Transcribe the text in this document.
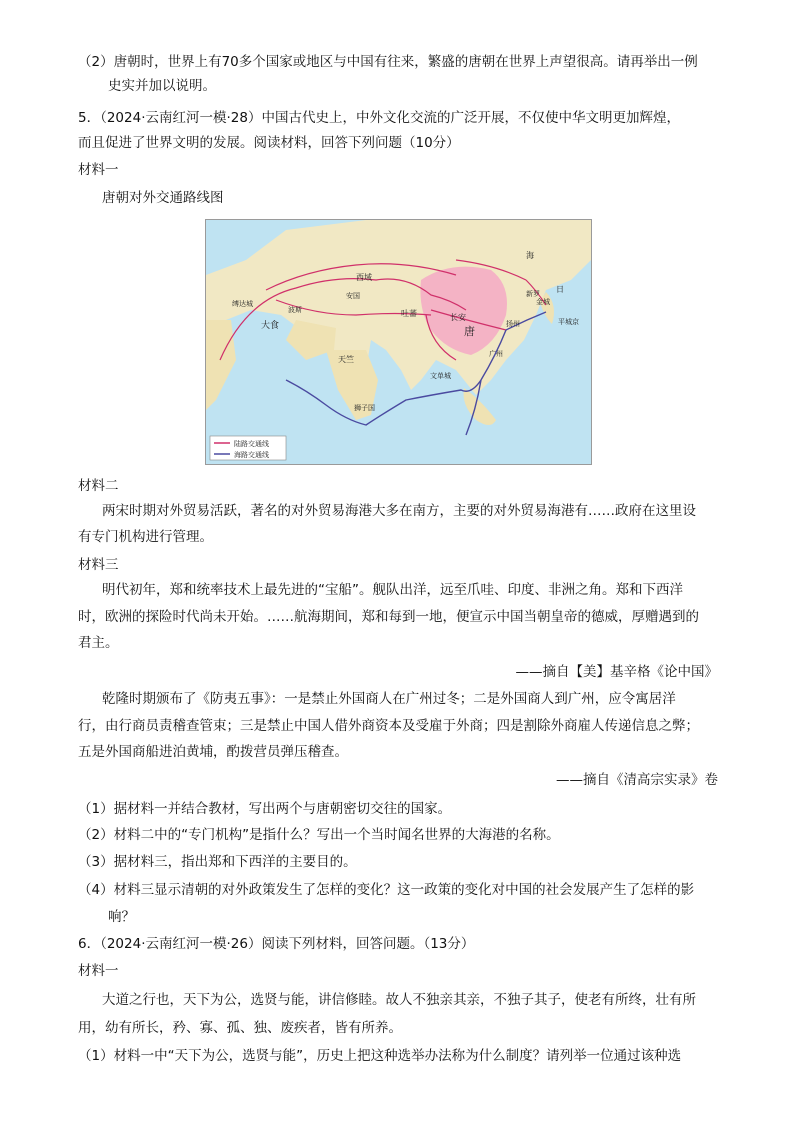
（2）唐朝时，世界上有70多个国家或地区与中国有往来，繁盛的唐朝在世界上声望很高。请再举出一例
史实并加以说明。
5．（2024·云南红河一模·28）中国古代史上，中外文化交流的广泛开展，不仅使中华文明更加辉煌，
而且促进了世界文明的发展。阅读材料，回答下列问题（10分）
材料一
唐朝对外交通路线图
唐
长安
扬州
广州
新罗
金城
日
平城京
海
吐蕃
西域
大食
天竺
文单城
狮子国
缚达城
波斯
安国
陆路交通线
海路交通线
材料二
两宋时期对外贸易活跃，著名的对外贸易海港大多在南方，主要的对外贸易海港有……政府在这里设
有专门机构进行管理。
材料三
明代初年，郑和统率技术上最先进的“宝船”。舰队出洋，远至爪哇、印度、非洲之角。郑和下西洋
时，欧洲的探险时代尚未开始。……航海期间，郑和每到一地，便宣示中国当朝皇帝的德威，厚赠遇到的
君主。
——摘自【美】基辛格《论中国》
乾隆时期颁布了《防夷五事》：一是禁止外国商人在广州过冬；二是外国商人到广州，应令寓居洋
行，由行商员责稽查管束；三是禁止中国人借外商资本及受雇于外商；四是割除外商雇人传递信息之弊；
五是外国商船进泊黄埔，酌拨营员弹压稽查。
——摘自《清高宗实录》卷
（1）据材料一并结合教材，写出两个与唐朝密切交往的国家。
（2）材料二中的“专门机构”是指什么？写出一个当时闻名世界的大海港的名称。
（3）据材料三，指出郑和下西洋的主要目的。
（4）材料三显示清朝的对外政策发生了怎样的变化？这一政策的变化对中国的社会发展产生了怎样的影
响？
6．（2024·云南红河一模·26）阅读下列材料，回答问题。（13分）
材料一
大道之行也，天下为公，选贤与能，讲信修睦。故人不独亲其亲，不独子其子，使老有所终，壮有所
用，幼有所长，矜、寡、孤、独、废疾者，皆有所养。
（1）材料一中“天下为公，选贤与能”，历史上把这种选举办法称为什么制度？请列举一位通过该种选
